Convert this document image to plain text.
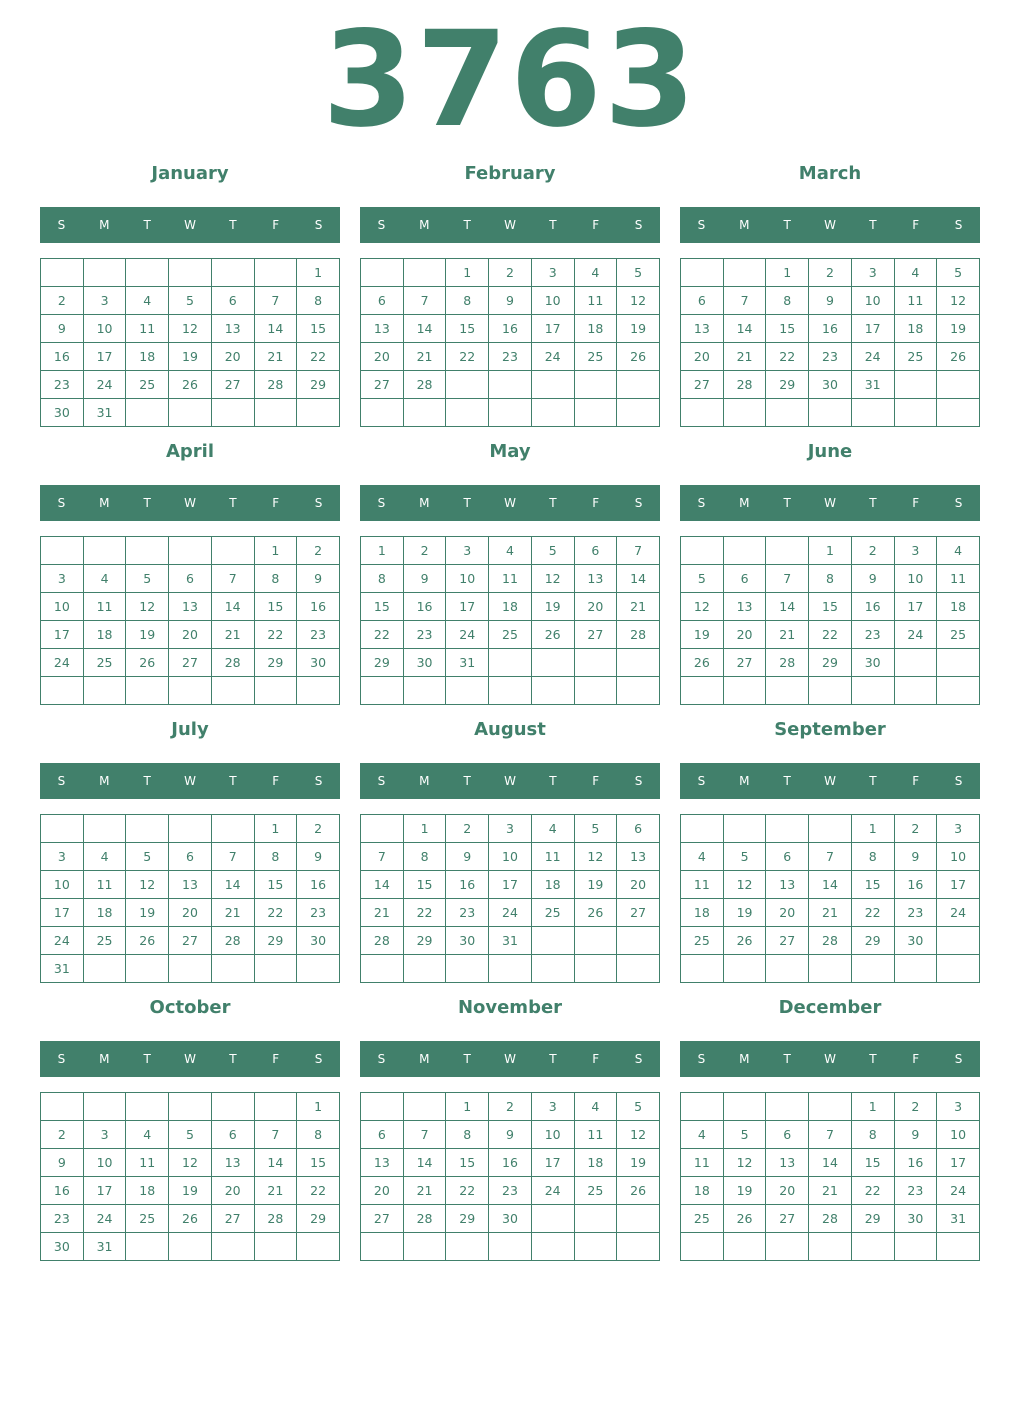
3763
January
S	M	T	W	T	F	S
						1
2	3	4	5	6	7	8
9	10	11	12	13	14	15
16	17	18	19	20	21	22
23	24	25	26	27	28	29
30	31					
February
S	M	T	W	T	F	S
		1	2	3	4	5
6	7	8	9	10	11	12
13	14	15	16	17	18	19
20	21	22	23	24	25	26
27	28					

March
S	M	T	W	T	F	S
		1	2	3	4	5
6	7	8	9	10	11	12
13	14	15	16	17	18	19
20	21	22	23	24	25	26
27	28	29	30	31		

April
S	M	T	W	T	F	S
					1	2
3	4	5	6	7	8	9
10	11	12	13	14	15	16
17	18	19	20	21	22	23
24	25	26	27	28	29	30

May
S	M	T	W	T	F	S
1	2	3	4	5	6	7
8	9	10	11	12	13	14
15	16	17	18	19	20	21
22	23	24	25	26	27	28
29	30	31				

June
S	M	T	W	T	F	S
			1	2	3	4
5	6	7	8	9	10	11
12	13	14	15	16	17	18
19	20	21	22	23	24	25
26	27	28	29	30		

July
S	M	T	W	T	F	S
					1	2
3	4	5	6	7	8	9
10	11	12	13	14	15	16
17	18	19	20	21	22	23
24	25	26	27	28	29	30
31						
August
S	M	T	W	T	F	S
	1	2	3	4	5	6
7	8	9	10	11	12	13
14	15	16	17	18	19	20
21	22	23	24	25	26	27
28	29	30	31			

September
S	M	T	W	T	F	S
				1	2	3
4	5	6	7	8	9	10
11	12	13	14	15	16	17
18	19	20	21	22	23	24
25	26	27	28	29	30	

October
S	M	T	W	T	F	S
						1
2	3	4	5	6	7	8
9	10	11	12	13	14	15
16	17	18	19	20	21	22
23	24	25	26	27	28	29
30	31					
November
S	M	T	W	T	F	S
		1	2	3	4	5
6	7	8	9	10	11	12
13	14	15	16	17	18	19
20	21	22	23	24	25	26
27	28	29	30			

December
S	M	T	W	T	F	S
				1	2	3
4	5	6	7	8	9	10
11	12	13	14	15	16	17
18	19	20	21	22	23	24
25	26	27	28	29	30	31
